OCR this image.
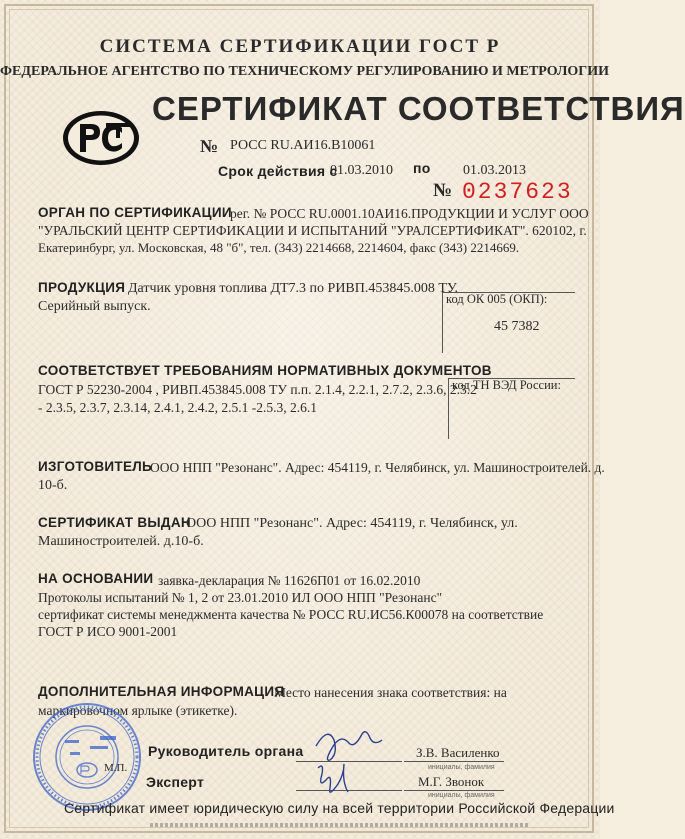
СИСТЕМА СЕРТИФИКАЦИИ ГОСТ Р
ФЕДЕРАЛЬНОЕ АГЕНТСТВО ПО ТЕХНИЧЕСКОМУ РЕГУЛИРОВАНИЮ И МЕТРОЛОГИИ
СЕРТИФИКАТ СООТВЕТСТВИЯ
№ РОСС RU.АИ16.В10061
Срок действия с
01.03.2010 по 01.03.2013
№ 0237623
ОРГАН ПО СЕРТИФИКАЦИИ
рег. № РОСС RU.0001.10АИ16.ПРОДУКЦИИ И УСЛУГ ООО
"УРАЛЬСКИЙ ЦЕНТР СЕРТИФИКАЦИИ И ИСПЫТАНИЙ "УРАЛСЕРТИФИКАТ". 620102, г.
Екатеринбург, ул. Московская, 48 "б", тел. (343) 2214668, 2214604, факс (343) 2214669.
ПРОДУКЦИЯ Датчик уровня топлива ДТ7.3 по РИВП.453845.008 ТУ.
Серийный выпуск.	код ОК 005 (ОКП):
45 7382
СООТВЕТСТВУЕТ ТРЕБОВАНИЯМ НОРМАТИВНЫХ ДОКУМЕНТОВ
код ТН ВЭД России:
ГОСТ Р 52230-2004 , РИВП.453845.008 ТУ п.п. 2.1.4, 2.2.1, 2.7.2, 2.3.6, 2.3.2
- 2.3.5, 2.3.7, 2.3.14, 2.4.1, 2.4.2, 2.5.1 -2.5.3, 2.6.1
ИЗГОТОВИТЕЛЬ
ООО НПП "Резонанс". Адрес: 454119, г. Челябинск, ул. Машиностроителей. д.
10-б.
СЕРТИФИКАТ ВЫДАН
ООО НПП "Резонанс". Адрес: 454119, г. Челябинск, ул.
Машиностроителей. д.10-б.
НА ОСНОВАНИИ заявка-декларация № 11626П01 от 16.02.2010
Протоколы испытаний № 1, 2 от 23.01.2010 ИЛ ООО НПП "Резонанс"
сертификат системы менеджмента качества № РОСС RU.ИС56.К00078 на соответствие
ГОСТ Р ИСО 9001-2001
ДОПОЛНИТЕЛЬНАЯ ИНФОРМАЦИЯ
Место нанесения знака соответствия: на
маркировочном ярлыке (этикетке).
Руководитель органа	З.В. Василенко
инициалы, фамилия
М.П.
Эксперт	М.Г. Звонок
инициалы, фамилия
Сертификат имеет юридическую силу на всей территории Российской Федерации
